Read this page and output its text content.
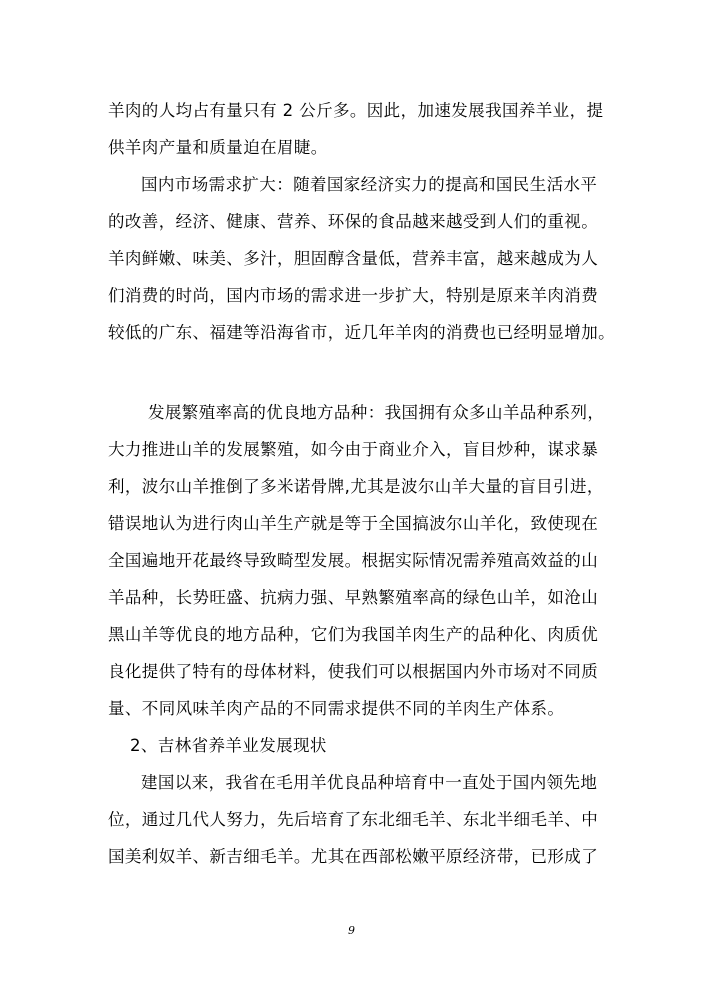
羊肉的人均占有量只有 2 公斤多。因此，加速发展我国养羊业，提
供羊肉产量和质量迫在眉睫。
国内市场需求扩大：随着国家经济实力的提高和国民生活水平
的改善，经济、健康、营养、环保的食品越来越受到人们的重视。
羊肉鲜嫩、味美、多汁，胆固醇含量低，营养丰富，越来越成为人
们消费的时尚，国内市场的需求进一步扩大，特别是原来羊肉消费
较低的广东、福建等沿海省市，近几年羊肉的消费也已经明显增加。
发展繁殖率高的优良地方品种：我国拥有众多山羊品种系列，
大力推进山羊的发展繁殖，如今由于商业介入，盲目炒种，谋求暴
利，波尔山羊推倒了多米诺骨牌,尤其是波尔山羊大量的盲目引进，
错误地认为进行肉山羊生产就是等于全国搞波尔山羊化，致使现在
全国遍地开花最终导致畸型发展。根据实际情况需养殖高效益的山
羊品种，长势旺盛、抗病力强、早熟繁殖率高的绿色山羊，如沧山
黑山羊等优良的地方品种，它们为我国羊肉生产的品种化、肉质优
良化提供了特有的母体材料，使我们可以根据国内外市场对不同质
量、不同风味羊肉产品的不同需求提供不同的羊肉生产体系。
2、吉林省养羊业发展现状
建国以来，我省在毛用羊优良品种培育中一直处于国内领先地
位，通过几代人努力，先后培育了东北细毛羊、东北半细毛羊、中
国美利奴羊、新吉细毛羊。尤其在西部松嫩平原经济带，已形成了
9
